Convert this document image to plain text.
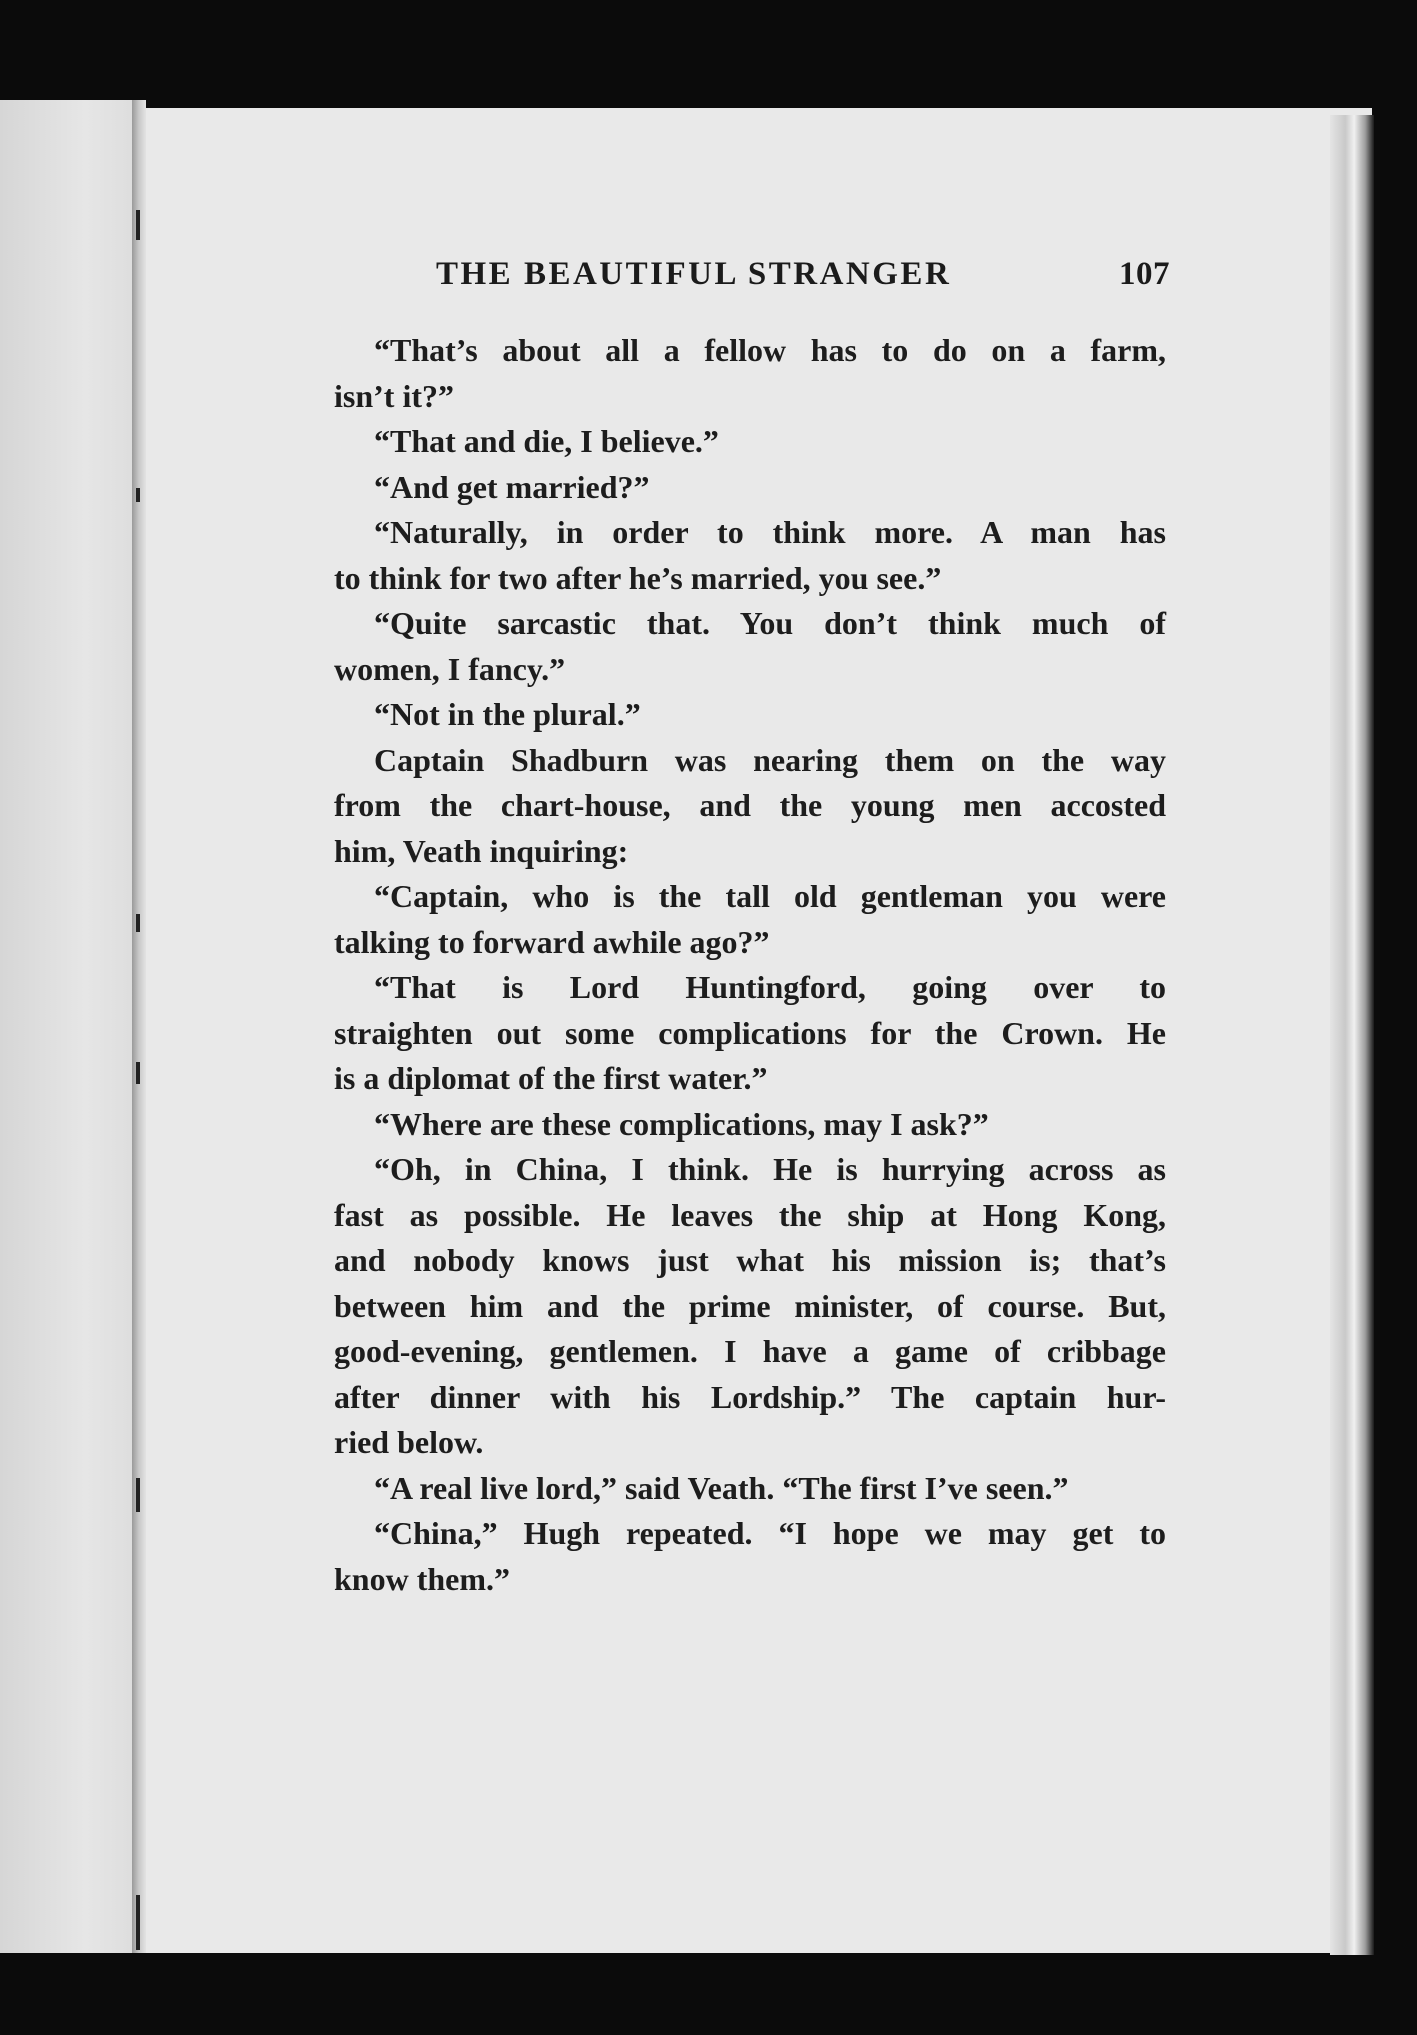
THE BEAUTIFUL STRANGER	107
“That’s about all a fellow has to do on a farm,
isn’t it?”
“That and die, I believe.”
“And get married?”
“Naturally, in order to think more. A man has
to think for two after he’s married, you see.”
“Quite sarcastic that. You don’t think much of
women, I fancy.”
“Not in the plural.”
Captain Shadburn was nearing them on the way
from the chart-house, and the young men accosted
him, Veath inquiring:
“Captain, who is the tall old gentleman you were
talking to forward awhile ago?”
“That is Lord Huntingford, going over to
straighten out some complications for the Crown. He
is a diplomat of the first water.”
“Where are these complications, may I ask?”
“Oh, in China, I think. He is hurrying across as
fast as possible. He leaves the ship at Hong Kong,
and nobody knows just what his mission is; that’s
between him and the prime minister, of course. But,
good-evening, gentlemen. I have a game of cribbage
after dinner with his Lordship.” The captain hur-
ried below.
“A real live lord,” said Veath. “The first I’ve seen.”
“China,” Hugh repeated. “I hope we may get to
know them.”
